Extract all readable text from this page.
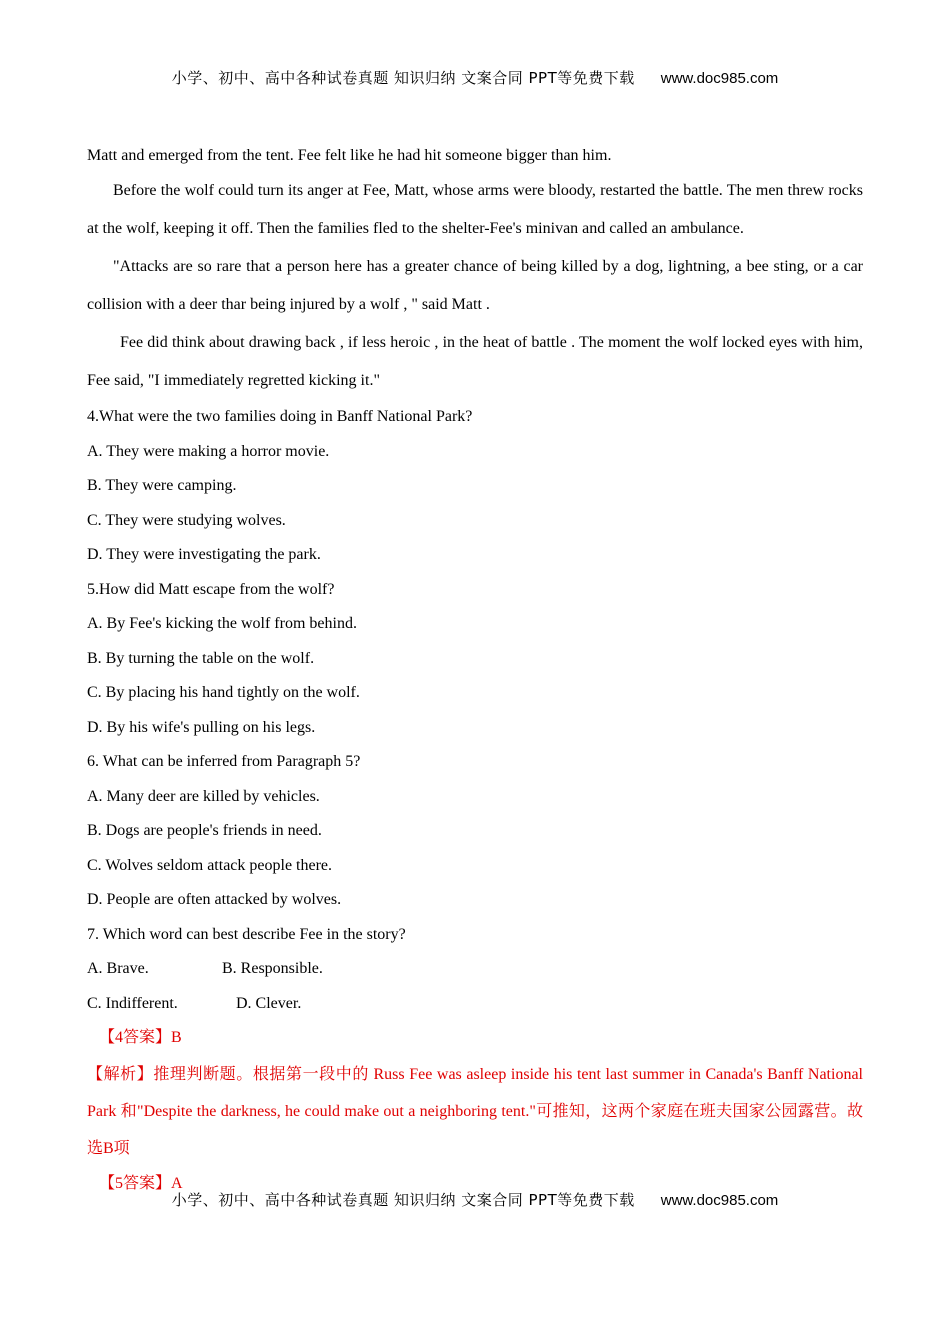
小学、初中、高中各种试卷真题 知识归纳 文案合同 PPT等免费下载 www.doc985.com

Matt and emerged from the tent. Fee felt like he had hit someone bigger than him.

Before the wolf could turn its anger at Fee, Matt, whose arms were bloody, restarted the battle. The men threw rocks at the wolf, keeping it off. Then the families fled to the shelter-Fee's minivan and called an ambulance.

"Attacks are so rare that a person here has a greater chance of being killed by a dog, lightning, a bee sting, or a car collision with a deer thar being injured by a wolf , " said Matt .

Fee did think about drawing back , if less heroic , in the heat of battle . The moment the wolf locked eyes with him, Fee said, "I immediately regretted kicking it."

4.What were the two families doing in Banff National Park?

A. They were making a horror movie.

B. They were camping.

C. They were studying wolves.

D. They were investigating the park.

5.How did Matt escape from the wolf?

A. By Fee's kicking the wolf from behind.

B. By turning the table on the wolf.

C. By placing his hand tightly on the wolf.

D. By his wife's pulling on his legs.

6. What can be inferred from Paragraph 5?

A. Many deer are killed by vehicles.

B. Dogs are people's friends in need.

C. Wolves seldom attack people there.

D. People are often attacked by wolves.

7. Which word can best describe Fee in the story?

A. Brave.	B. Responsible.

C. Indifferent.	D. Clever.

【4答案】B

【解析】推理判断题。根据第一段中的 Russ Fee was asleep inside his tent last summer in Canada's Banff National Park 和"Despite the darkness, he could make out a neighboring tent."可推知，这两个家庭在班夫国家公园露营。故选B项

【5答案】A

小学、初中、高中各种试卷真题 知识归纳 文案合同 PPT等免费下载 www.doc985.com
